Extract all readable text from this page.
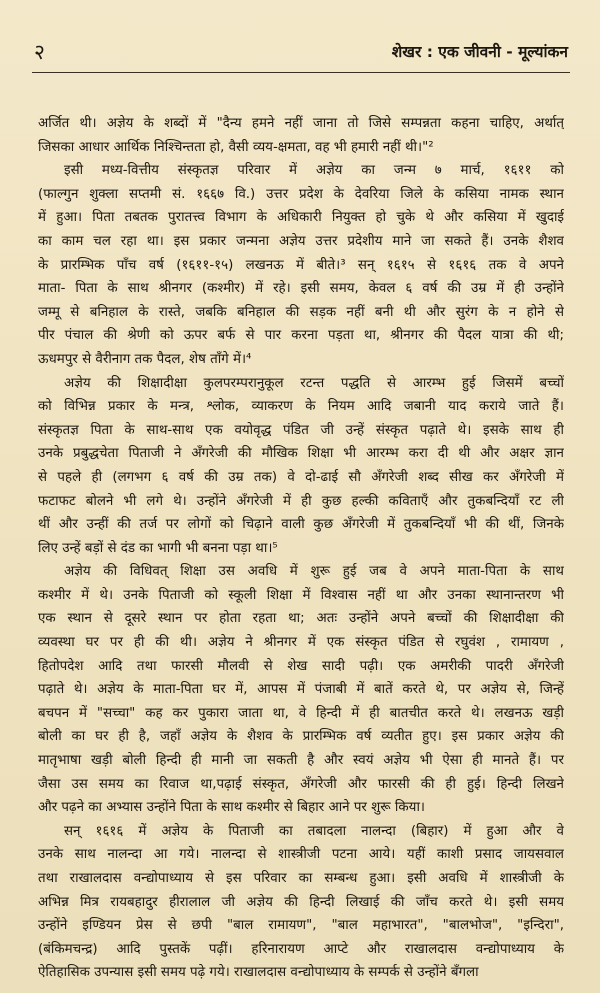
२	शेखर : एक जीवनी - मूल्यांकन
अर्जित थी। अज्ञेय के शब्दों में "दैन्य हमने नहीं जाना तो जिसे सम्पन्नता कहना चाहिए, अर्थात्
जिसका आधार आर्थिक निश्चिन्तता हो, वैसी व्यय-क्षमता, वह भी हमारी नहीं थी।"²
इसी मध्य-वित्तीय संस्कृतज्ञ परिवार में अज्ञेय का जन्म ७ मार्च, १६११ को
(फाल्गुन शुक्ला सप्तमी सं. १६६७ वि.) उत्तर प्रदेश के देवरिया जिले के कसिया नामक स्थान
में हुआ। पिता तबतक पुरातत्त्व विभाग के अधिकारी नियुक्त हो चुके थे और कसिया में खुदाई
का काम चल रहा था। इस प्रकार जन्मना अज्ञेय उत्तर प्रदेशीय माने जा सकते हैं। उनके शैशव
के प्रारम्भिक पाँच वर्ष (१६११-१५) लखनऊ में बीते।³ सन् १६१५ से १६१६ तक वे अपने
माता- पिता के साथ श्रीनगर (कश्मीर) में रहे। इसी समय, केवल ६ वर्ष की उम्र में ही उन्होंने
जम्मू से बनिहाल के रास्ते, जबकि बनिहाल की सड़क नहीं बनी थी और सुरंग के न होने से
पीर पंचाल की श्रेणी को ऊपर बर्फ से पार करना पड़ता था, श्रीनगर की पैदल यात्रा की थी;
ऊधमपुर से वैरीनाग तक पैदल, शेष ताँगे में।⁴
अज्ञेय की शिक्षादीक्षा कुलपरम्परानुकूल रटन्त पद्धति से आरम्भ हुई जिसमें बच्चों
को विभिन्न प्रकार के मन्त्र, श्लोक, व्याकरण के नियम आदि जबानी याद कराये जाते हैं।
संस्कृतज्ञ पिता के साथ-साथ एक वयोवृद्ध पंडित जी उन्हें संस्कृत पढ़ाते थे। इसके साथ ही
उनके प्रबुद्धचेता पिताजी ने अँगरेजी की मौखिक शिक्षा भी आरम्भ करा दी थी और अक्षर ज्ञान
से पहले ही (लगभग ६ वर्ष की उम्र तक) वे दो-ढाई सौ अँगरेजी शब्द सीख कर अँगरेजी में
फटाफट बोलने भी लगे थे। उन्होंने अँगरेजी में ही कुछ हल्की कविताएँ और तुकबन्दियाँ रट ली
थीं और उन्हीं की तर्ज पर लोगों को चिढ़ाने वाली कुछ अँगरेजी में तुकबन्दियाँ भी की थीं, जिनके
लिए उन्हें बड़ों से दंड का भागी भी बनना पड़ा था।⁵
अज्ञेय की विधिवत् शिक्षा उस अवधि में शुरू हुई जब वे अपने माता-पिता के साथ
कश्मीर में थे। उनके पिताजी को स्कूली शिक्षा में विश्वास नहीं था और उनका स्थानान्तरण भी
एक स्थान से दूसरे स्थान पर होता रहता था; अतः उन्होंने अपने बच्चों की शिक्षादीक्षा की
व्यवस्था घर पर ही की थी। अज्ञेय ने श्रीनगर में एक संस्कृत पंडित से रघुवंश , रामायण ,
हितोपदेश आदि तथा फारसी मौलवी से शेख सादी पढ़ी। एक अमरीकी पादरी अँगरेजी
पढ़ाते थे। अज्ञेय के माता-पिता घर में, आपस में पंजाबी में बातें करते थे, पर अज्ञेय से, जिन्हें
बचपन में "सच्चा" कह कर पुकारा जाता था, वे हिन्दी में ही बातचीत करते थे। लखनऊ खड़ी
बोली का घर ही है, जहाँ अज्ञेय के शैशव के प्रारम्भिक वर्ष व्यतीत हुए। इस प्रकार अज्ञेय की
मातृभाषा खड़ी बोली हिन्दी ही मानी जा सकती है और स्वयं अज्ञेय भी ऐसा ही मानते हैं। पर
जैसा उस समय का रिवाज था,पढ़ाई संस्कृत, अँगरेजी और फारसी की ही हुई। हिन्दी लिखने
और पढ़ने का अभ्यास उन्होंने पिता के साथ कश्मीर से बिहार आने पर शुरू किया।
सन् १६१६ में अज्ञेय के पिताजी का तबादला नालन्दा (बिहार) में हुआ और वे
उनके साथ नालन्दा आ गये। नालन्दा से शास्त्रीजी पटना आये। यहीं काशी प्रसाद जायसवाल
तथा राखालदास वन्द्योपाध्याय से इस परिवार का सम्बन्ध हुआ। इसी अवधि में शास्त्रीजी के
अभिन्न मित्र रायबहादुर हीरालाल जी अज्ञेय की हिन्दी लिखाई की जाँच करते थे। इसी समय
उन्होंने इण्डियन प्रेस से छपी "बाल रामायण", "बाल महाभारत", "बालभोज", "इन्दिरा",
(बंकिमचन्द्र) आदि पुस्तकें पढ़ीं। हरिनारायण आप्टे और राखालदास वन्द्योपाध्याय के
ऐतिहासिक उपन्यास इसी समय पढ़े गये। राखालदास वन्द्योपाध्याय के सम्पर्क से उन्होंने बँगला
